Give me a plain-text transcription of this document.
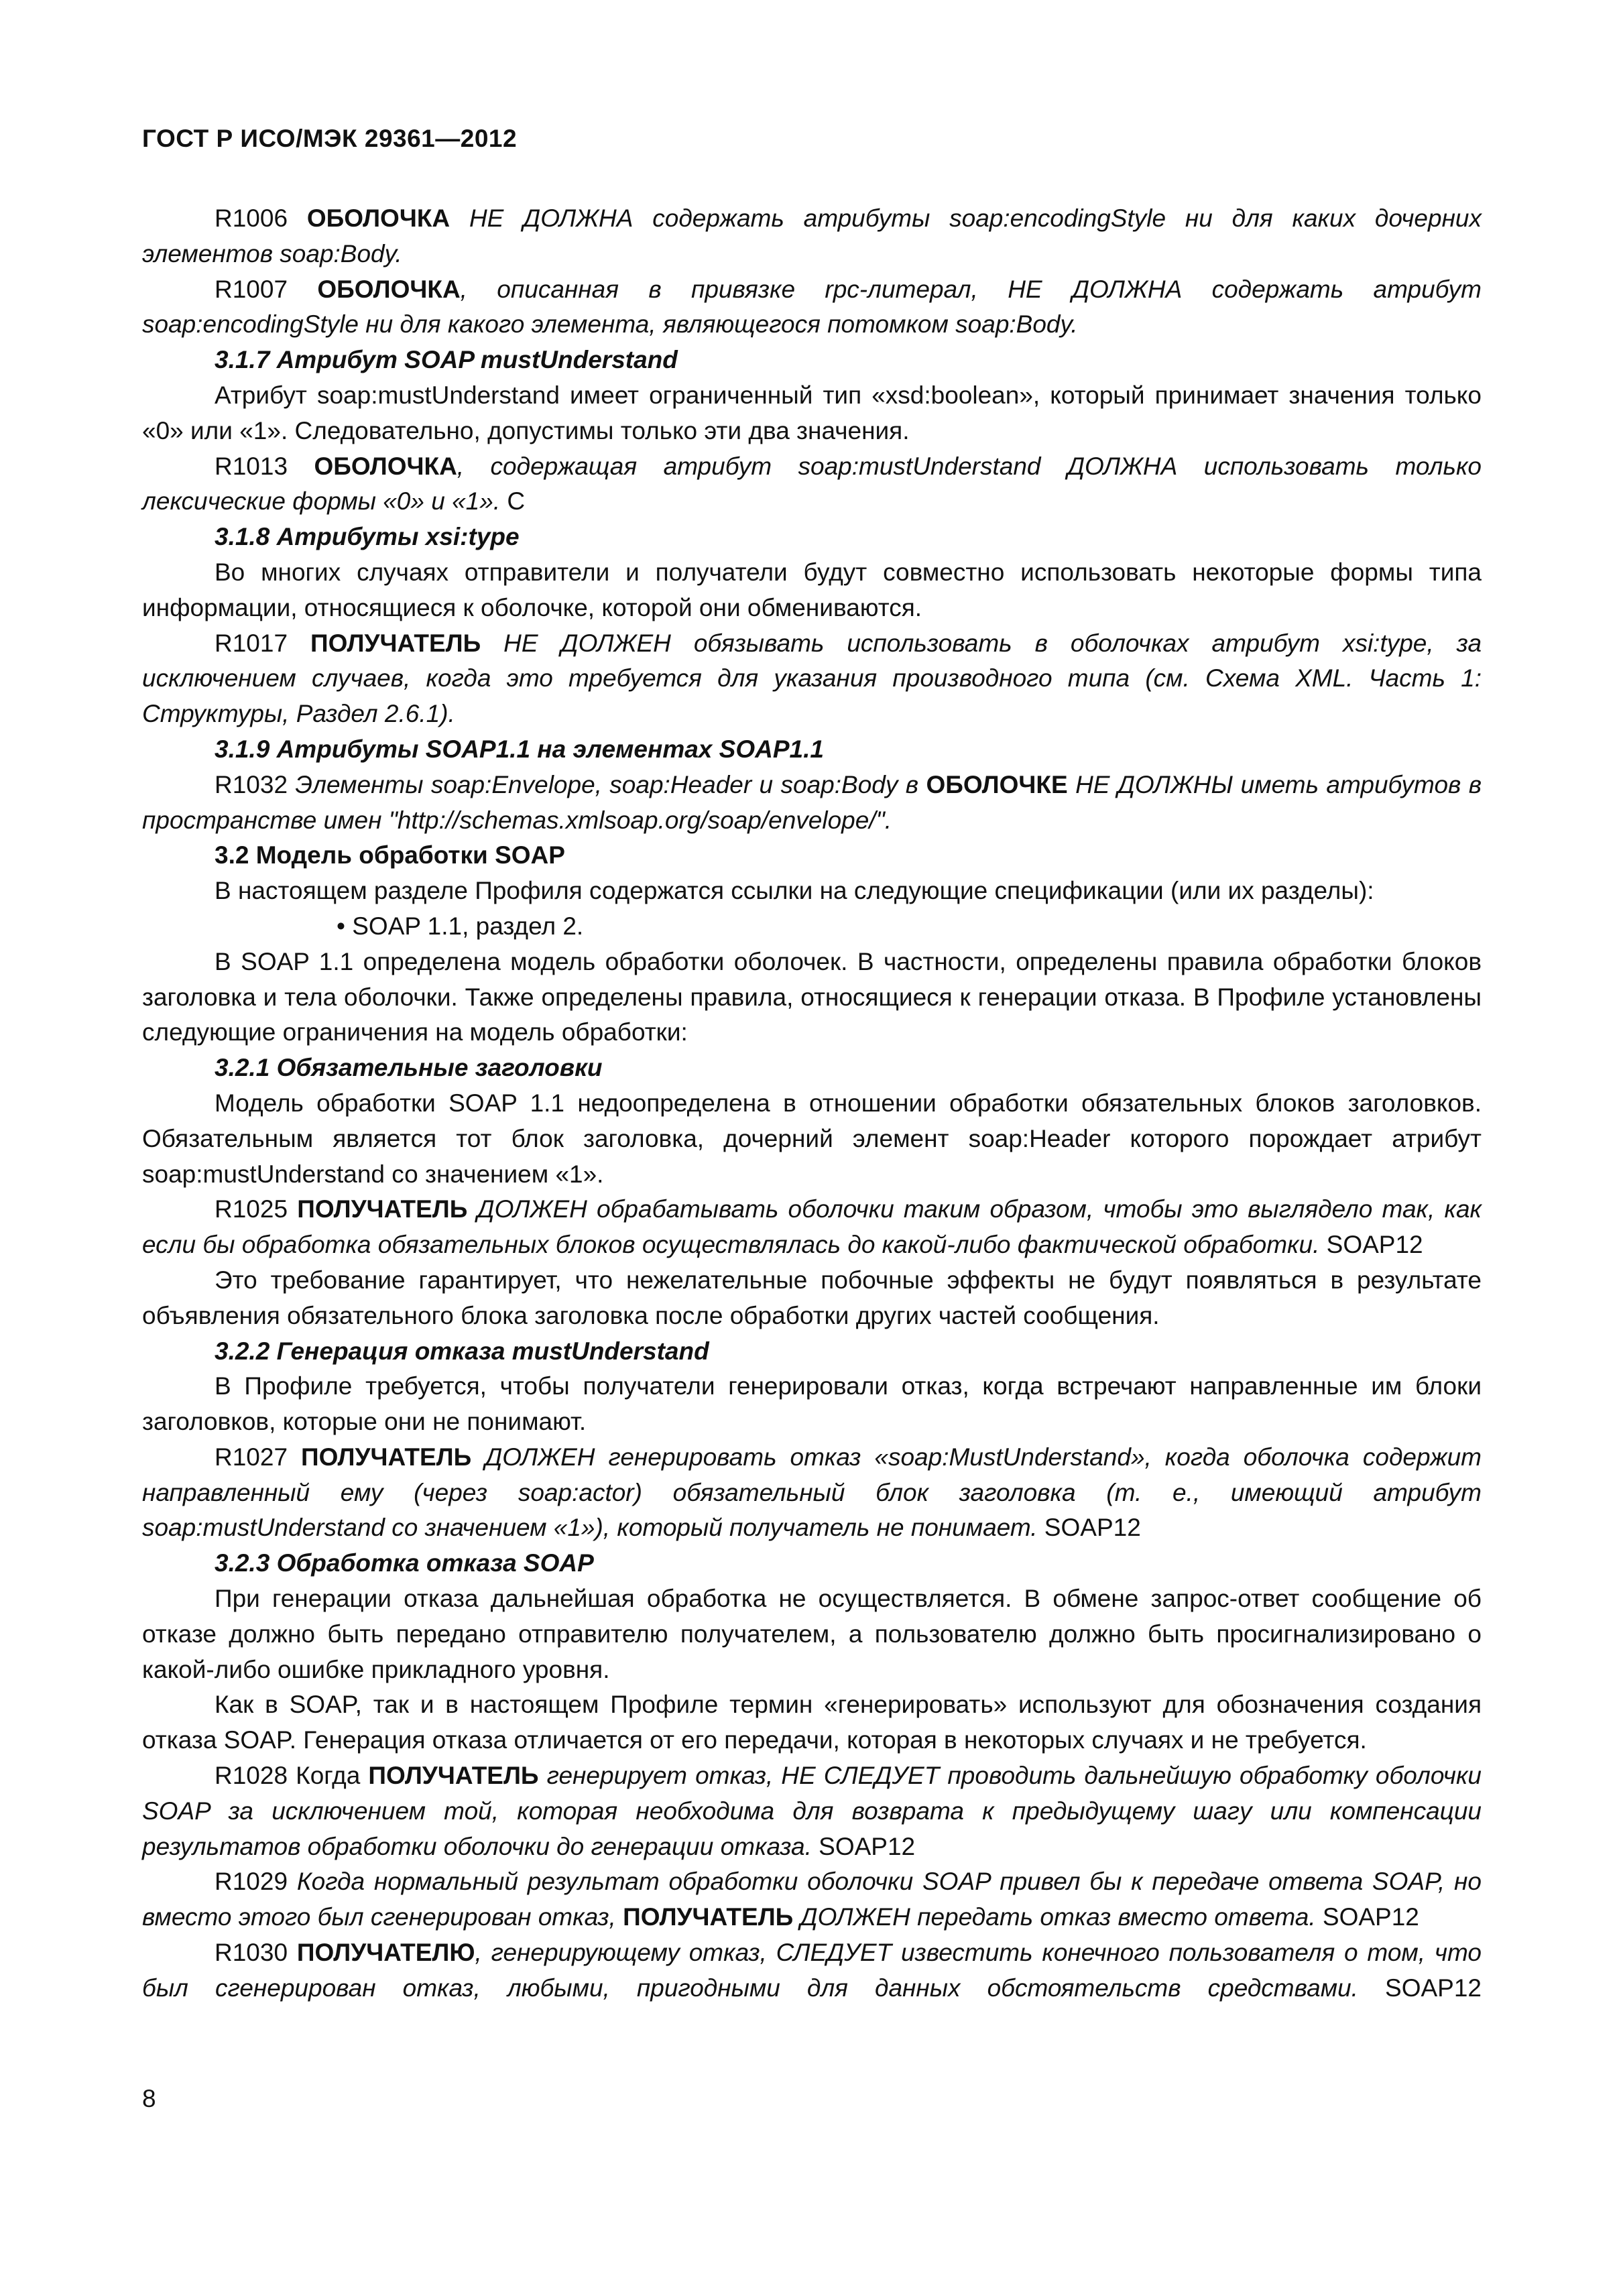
ГОСТ Р ИСО/МЭК 29361—2012

R1006 ОБОЛОЧКА НЕ ДОЛЖНА содержать атрибуты soap:encodingStyle ни для каких дочерних элементов soap:Body.

R1007 ОБОЛОЧКА, описанная в привязке rpc-литерал, НЕ ДОЛЖНА содержать атрибут soap:encodingStyle ни для какого элемента, являющегося потомком soap:Body.

3.1.7 Атрибут SOAP mustUnderstand

Атрибут soap:mustUnderstand имеет ограниченный тип «xsd:boolean», который принимает значения только «0» или «1». Следовательно, допустимы только эти два значения.

R1013 ОБОЛОЧКА, содержащая атрибут soap:mustUnderstand ДОЛЖНА использовать только лексические формы «0» и «1». C

3.1.8 Атрибуты xsi:type

Во многих случаях отправители и получатели будут совместно использовать некоторые формы типа информации, относящиеся к оболочке, которой они обмениваются.

R1017 ПОЛУЧАТЕЛЬ НЕ ДОЛЖЕН обязывать использовать в оболочках атрибут xsi:type, за исключением случаев, когда это требуется для указания производного типа (см. Схема XML. Часть 1: Структуры, Раздел 2.6.1).

3.1.9 Атрибуты SOAP1.1 на элементах SOAP1.1

R1032 Элементы soap:Envelope, soap:Header и soap:Body в ОБОЛОЧКЕ НЕ ДОЛЖНЫ иметь атрибутов в пространстве имен "http://schemas.xmlsoap.org/soap/envelope/".

3.2 Модель обработки SOAP

В настоящем разделе Профиля содержатся ссылки на следующие спецификации (или их разделы):

• SOAP 1.1, раздел 2.

В SOAP 1.1 определена модель обработки оболочек. В частности, определены правила обработки блоков заголовка и тела оболочки. Также определены правила, относящиеся к генерации отказа. В Профиле установлены следующие ограничения на модель обработки:

3.2.1 Обязательные заголовки

Модель обработки SOAP 1.1 недоопределена в отношении обработки обязательных блоков заголовков. Обязательным является тот блок заголовка, дочерний элемент soap:Header которого порождает атрибут soap:mustUnderstand со значением «1».

R1025 ПОЛУЧАТЕЛЬ ДОЛЖЕН обрабатывать оболочки таким образом, чтобы это выглядело так, как если бы обработка обязательных блоков осуществлялась до какой-либо фактической обработки. SOAP12

Это требование гарантирует, что нежелательные побочные эффекты не будут появляться в результате объявления обязательного блока заголовка после обработки других частей сообщения.

3.2.2 Генерация отказа mustUnderstand

В Профиле требуется, чтобы получатели генерировали отказ, когда встречают направленные им блоки заголовков, которые они не понимают.

R1027 ПОЛУЧАТЕЛЬ ДОЛЖЕН генерировать отказ «soap:MustUnderstand», когда оболочка содержит направленный ему (через soap:actor) обязательный блок заголовка (т. е., имеющий атрибут soap:mustUnderstand со значением «1»), который получатель не понимает. SOAP12

3.2.3 Обработка отказа SOAP

При генерации отказа дальнейшая обработка не осуществляется. В обмене запрос-ответ сообщение об отказе должно быть передано отправителю получателем, а пользователю должно быть просигнализировано о какой-либо ошибке прикладного уровня.

Как в SOAP, так и в настоящем Профиле термин «генерировать» используют для обозначения создания отказа SOAP. Генерация отказа отличается от его передачи, которая в некоторых случаях и не требуется.

R1028 Когда ПОЛУЧАТЕЛЬ генерирует отказ, НЕ СЛЕДУЕТ проводить дальнейшую обработку оболочки SOAP за исключением той, которая необходима для возврата к предыдущему шагу или компенсации результатов обработки оболочки до генерации отказа. SOAP12

R1029 Когда нормальный результат обработки оболочки SOAP привел бы к передаче ответа SOAP, но вместо этого был сгенерирован отказ, ПОЛУЧАТЕЛЬ ДОЛЖЕН передать отказ вместо ответа. SOAP12

R1030 ПОЛУЧАТЕЛЮ, генерирующему отказ, СЛЕДУЕТ известить конечного пользователя о том, что был сгенерирован отказ, любыми, пригодными для данных обстоятельств средствами. SOAP12

8
